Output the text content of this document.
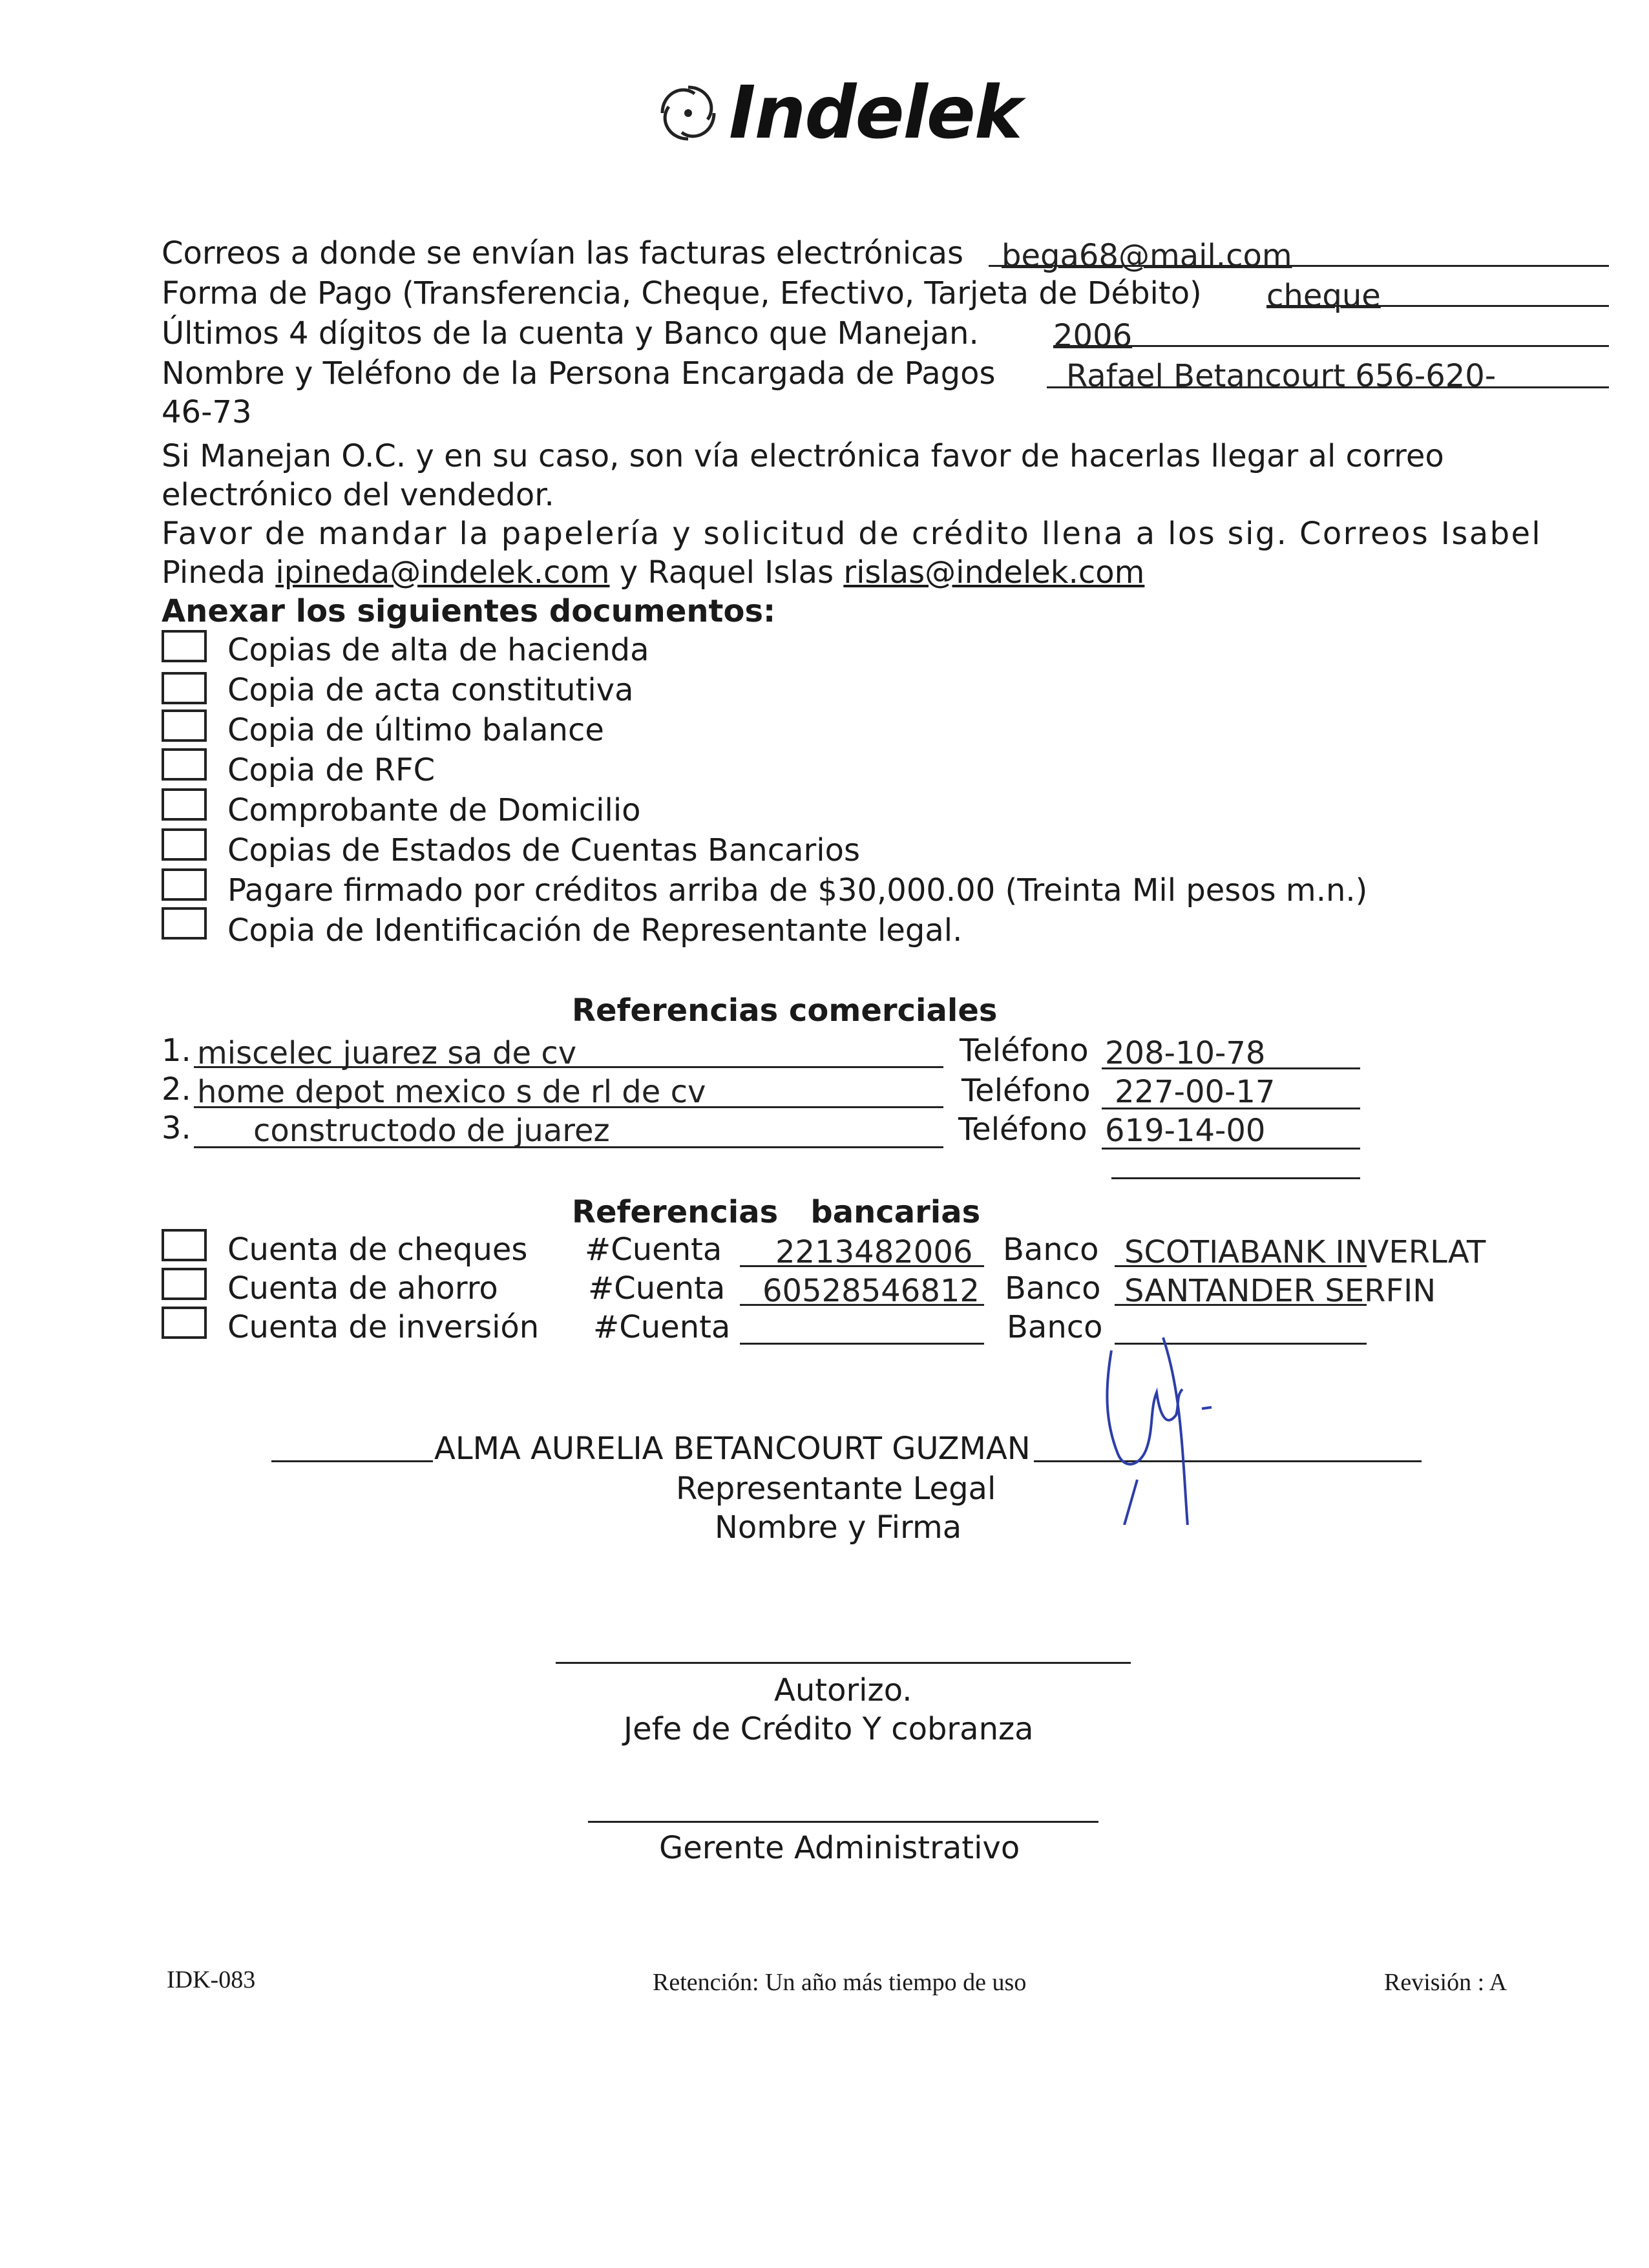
Indelek
Correos a donde se envían las facturas electrónicas bega68@mail.com
Forma de Pago (Transferencia, Cheque, Efectivo, Tarjeta de Débito) cheque
Últimos 4 dígitos de la cuenta y Banco que Manejan. 2006
Nombre y Teléfono de la Persona Encargada de Pagos Rafael Betancourt 656-620-
46-73
Si Manejan O.C. y en su caso, son vía electrónica favor de hacerlas llegar al correo
electrónico del vendedor.
Favor de mandar la papelería y solicitud de crédito llena a los sig. Correos Isabel
Pineda ipineda@indelek.com y Raquel Islas rislas@indelek.com
Anexar los siguientes documentos:
Copias de alta de hacienda
Copia de acta constitutiva
Copia de último balance
Copia de RFC
Comprobante de Domicilio
Copias de Estados de Cuentas Bancarios
Pagare firmado por créditos arriba de $30,000.00 (Treinta Mil pesos m.n.)
Copia de Identificación de Representante legal.
Referencias comerciales
1. miscelec juarez sa de cv	Teléfono 208-10-78
2. home depot mexico s de rl de cv	Teléfono 227-00-17
3. constructodo de juarez	Teléfono 619-14-00
Referencias   bancarias
Cuenta de cheques #Cuenta 2213482006 Banco SCOTIABANK INVERLAT
Cuenta de ahorro	#Cuenta 60528546812 Banco SANTANDER SERFIN
Cuenta de inversión #Cuenta	Banco
ALMA AURELIA BETANCOURT GUZMAN
Representante Legal
Nombre y Firma
Autorizo.
Jefe de Crédito Y cobranza
Gerente Administrativo
IDK-083	Retención: Un año más tiempo de uso	Revisión : A
